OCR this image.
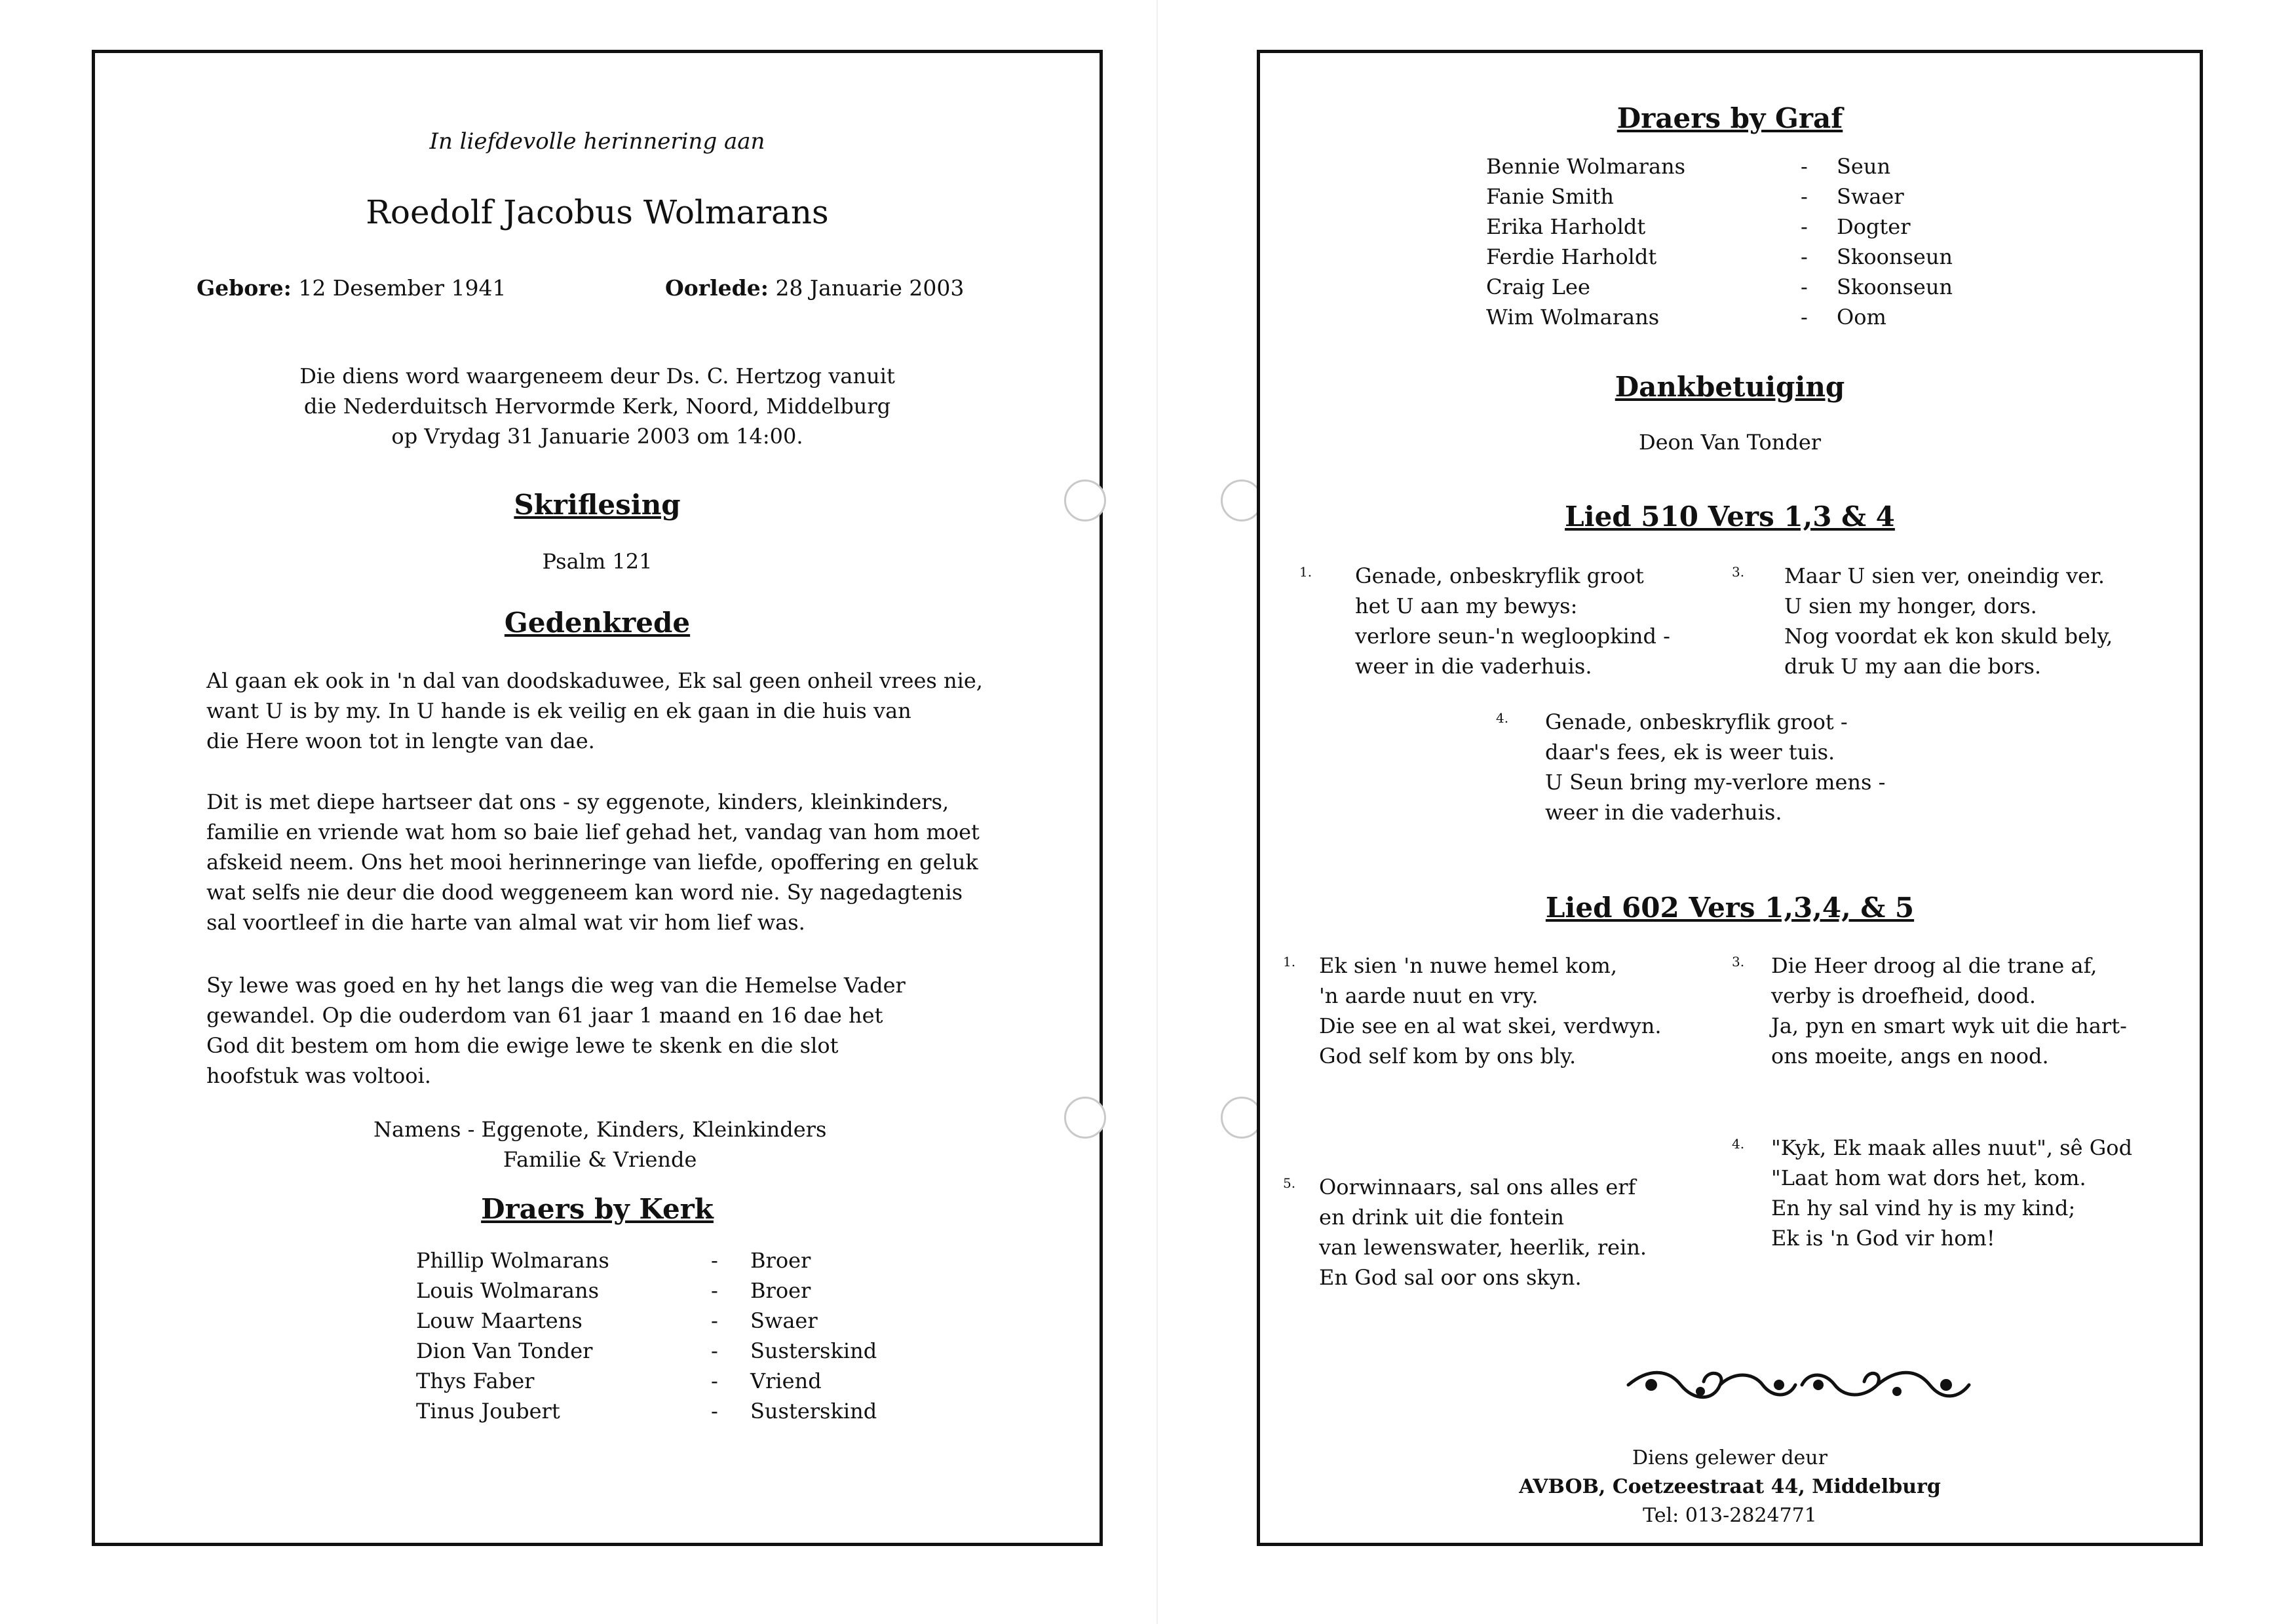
In liefdevolle herinnering aan
Roedolf Jacobus Wolmarans
Gebore: 12 Desember 1941	Oorlede: 28 Januarie 2003
Die diens word waargeneem deur Ds. C. Hertzog vanuit
die Nederduitsch Hervormde Kerk, Noord, Middelburg
op Vrydag 31 Januarie 2003 om 14:00.
Skriflesing
Psalm 121
Gedenkrede
Al gaan ek ook in 'n dal van doodskaduwee, Ek sal geen onheil vrees nie,
want U is by my. In U hande is ek veilig en ek gaan in die huis van
die Here woon tot in lengte van dae.
Dit is met diepe hartseer dat ons - sy eggenote, kinders, kleinkinders,
familie en vriende wat hom so baie lief gehad het, vandag van hom moet
afskeid neem. Ons het mooi herinneringe van liefde, opoffering en geluk
wat selfs nie deur die dood weggeneem kan word nie. Sy nagedagtenis
sal voortleef in die harte van almal wat vir hom lief was.
Sy lewe was goed en hy het langs die weg van die Hemelse Vader
gewandel. Op die ouderdom van 61 jaar 1 maand en 16 dae het
God dit bestem om hom die ewige lewe te skenk en die slot
hoofstuk was voltooi.
Namens - Eggenote, Kinders, Kleinkinders
Familie & Vriende
Draers by Kerk
Phillip Wolmarans	- Broer
Louis Wolmarans	- Broer
Louw Maartens	- Swaer
Dion Van Tonder	- Susterskind
Thys Faber	- Vriend
Tinus Joubert	- Susterskind
Draers by Graf
Bennie Wolmarans	- Seun
Fanie Smith	- Swaer
Erika Harholdt	- Dogter
Ferdie Harholdt	- Skoonseun
Craig Lee	- Skoonseun
Wim Wolmarans	- Oom
Dankbetuiging
Deon Van Tonder
Lied 510 Vers 1,3 & 4
1. Genade, onbeskryflik groot
het U aan my bewys:
verlore seun-'n wegloopkind -
weer in die vaderhuis.
3. Maar U sien ver, oneindig ver.
U sien my honger, dors.
Nog voordat ek kon skuld bely,
druk U my aan die bors.
4. Genade, onbeskryflik groot -
daar's fees, ek is weer tuis.
U Seun bring my-verlore mens -
weer in die vaderhuis.
Lied 602 Vers 1,3,4, & 5
1. Ek sien 'n nuwe hemel kom,
'n aarde nuut en vry.
Die see en al wat skei, verdwyn.
God self kom by ons bly.
3. Die Heer droog al die trane af,
verby is droefheid, dood.
Ja, pyn en smart wyk uit die hart-
ons moeite, angs en nood.
4. "Kyk, Ek maak alles nuut", sê God
"Laat hom wat dors het, kom.
En hy sal vind hy is my kind;
Ek is 'n God vir hom!
5. Oorwinnaars, sal ons alles erf
en drink uit die fontein
van lewenswater, heerlik, rein.
En God sal oor ons skyn.
Diens gelewer deur
AVBOB, Coetzeestraat 44, Middelburg
Tel: 013-2824771
